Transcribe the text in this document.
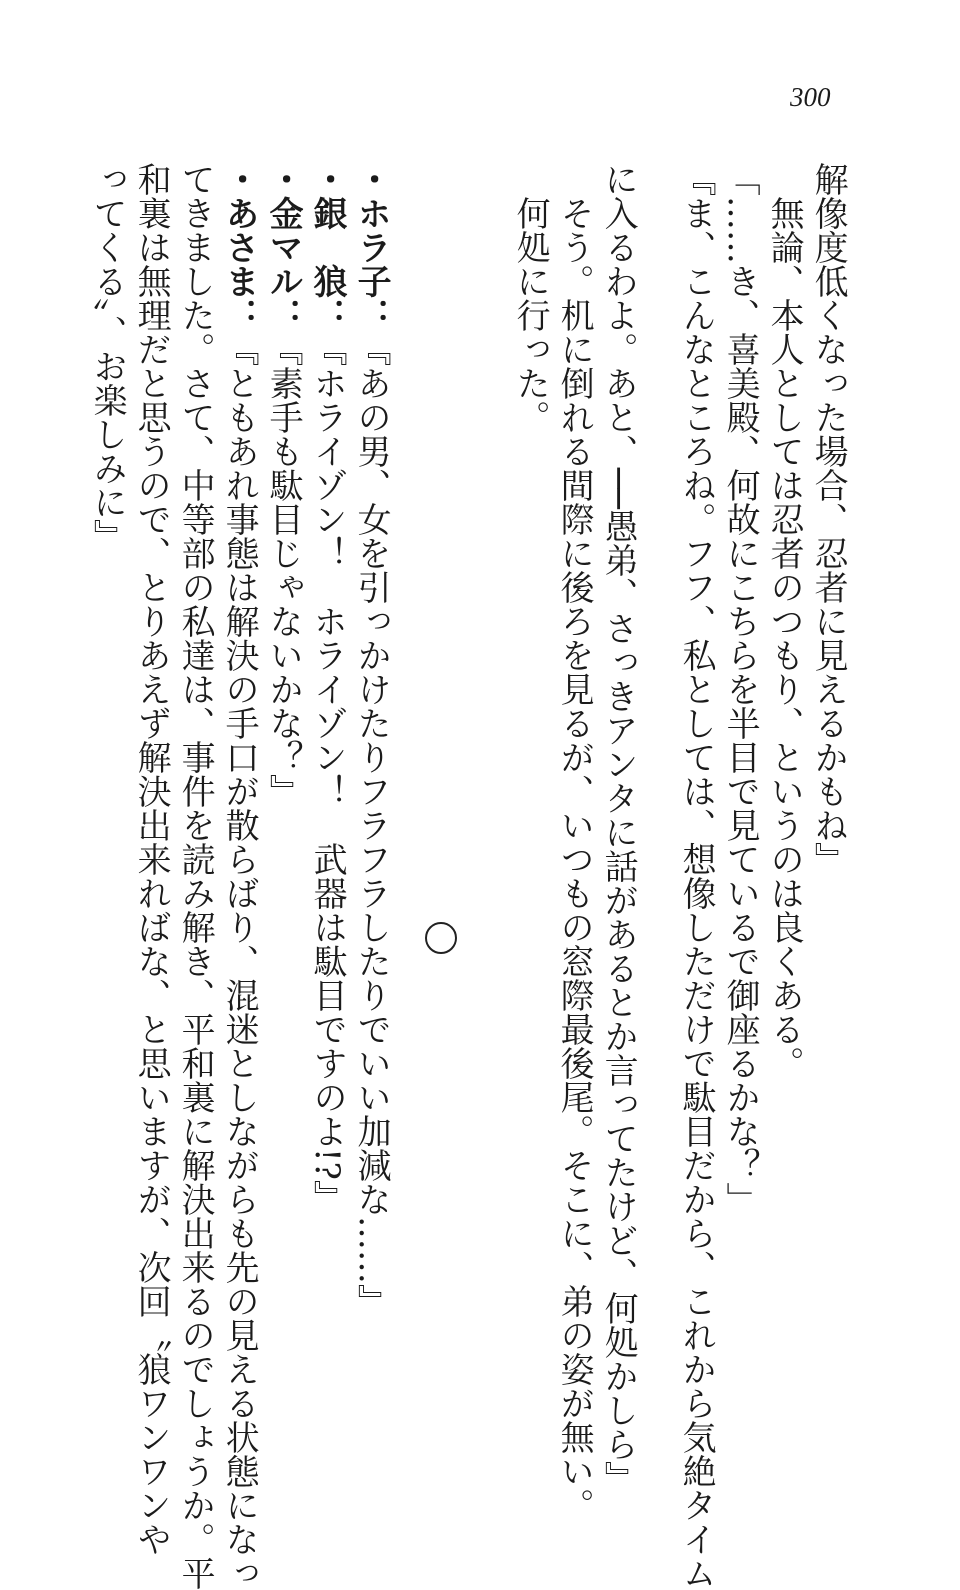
300
解像度低くなった場合、忍者に見えるかもね』
　無論、本人としては忍者のつもり、というのは良くある。
「……き、喜美殿、何故にこちらを半目で見ているで御座るかな？」
『ま、こんなところね。フフ、私としては、想像しただけで駄目だから、これから気絶タイム
に入るわよ。あと、──愚弟、さっきアンタに話があるとか言ってたけど、何処かしら』
　そう。机に倒れる間際に後ろを見るが、いつもの窓際最後尾。そこに、弟の姿が無い。
　何処に行った。
・ホラ子：『あの男、女を引っかけたりフラフラしたりでいい加減な……』
・銀　狼：『ホライゾン！　ホライゾン！　武器は駄目ですのよ!?』
・金マル：『素手も駄目じゃないかな？』
・あさま：『ともあれ事態は解決の手口が散らばり、混迷としながらも先の見える状態になっ
てきました。さて、中等部の私達は、事件を読み解き、平和裏に解決出来るのでしょうか。平
和裏は無理だと思うので、とりあえず解決出来ればな、と思いますが、次回〝狼ワンワンや
ってくる〟、お楽しみに』
